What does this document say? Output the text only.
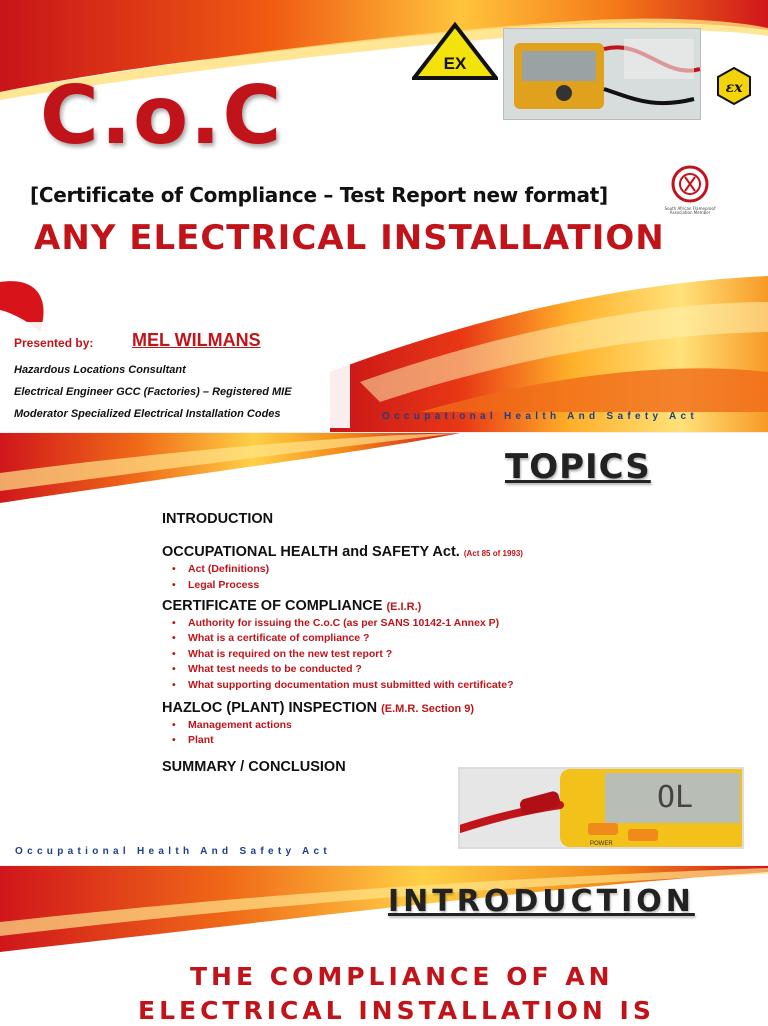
EX
εx
C.o.C
South African Flameproof Association Member
[Certificate of Compliance – Test Report new format]
ANY ELECTRICAL INSTALLATION
Presented by: MEL WILMANS
Hazardous Locations Consultant
Electrical Engineer GCC (Factories) – Registered MIE
Moderator Specialized Electrical Installation Codes	Occupational Health And Safety Act
TOPICS

INTRODUCTION

OCCUPATIONAL HEALTH and SAFETY Act. (Act 85 of 1993)

• Act (Definitions)
• Legal Process

CERTIFICATE OF COMPLIANCE (E.I.R.)

• Authority for issuing the C.o.C (as per SANS 10142-1 Annex P)
• What is a certificate of compliance ?
• What is required on the new test report ?
• What test needs to be conducted ?
• What supporting documentation must submitted with certificate?

HAZLOC (PLANT) INSPECTION (E.M.R. Section 9)

• Management actions
• Plant

SUMMARY / CONCLUSION

OL
POWER
Occupational Health And Safety Act
INTRODUCTION
THE COMPLIANCE OF AN
ELECTRICAL INSTALLATION IS
